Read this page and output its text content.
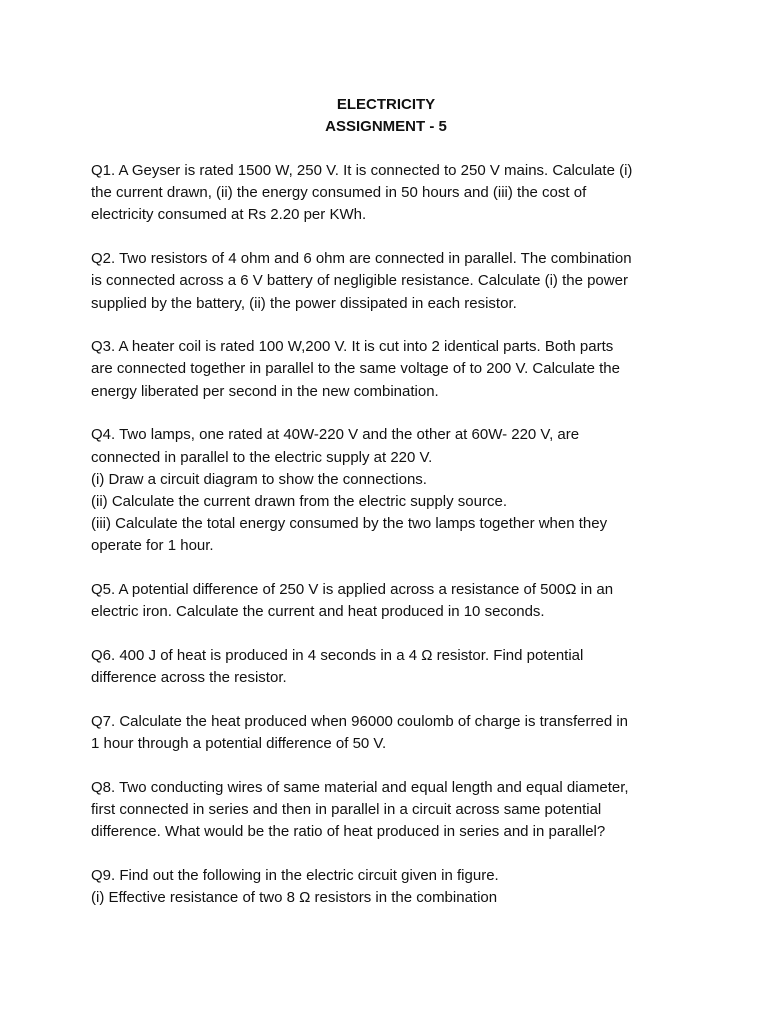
ELECTRICITY
ASSIGNMENT - 5
Q1. A Geyser is rated 1500 W, 250 V. It is connected to 250 V mains. Calculate (i)
the current drawn, (ii) the energy consumed in 50 hours and (iii) the cost of
electricity consumed at Rs 2.20 per KWh.
Q2. Two resistors of 4 ohm and 6 ohm are connected in parallel. The combination
is connected across a 6 V battery of negligible resistance. Calculate (i) the power
supplied by the battery, (ii) the power dissipated in each resistor.
Q3. A heater coil is rated 100 W,200 V. It is cut into 2 identical parts. Both parts
are connected together in parallel to the same voltage of to 200 V. Calculate the
energy liberated per second in the new combination.
Q4. Two lamps, one rated at 40W-220 V and the other at 60W- 220 V, are
connected in parallel to the electric supply at 220 V.
(i) Draw a circuit diagram to show the connections.
(ii) Calculate the current drawn from the electric supply source.
(iii) Calculate the total energy consumed by the two lamps together when they
operate for 1 hour.
Q5. A potential difference of 250 V is applied across a resistance of 500Ω in an
electric iron. Calculate the current and heat produced in 10 seconds.
Q6. 400 J of heat is produced in 4 seconds in a 4 Ω resistor. Find potential
difference across the resistor.
Q7. Calculate the heat produced when 96000 coulomb of charge is transferred in
1 hour through a potential difference of 50 V.
Q8. Two conducting wires of same material and equal length and equal diameter,
first connected in series and then in parallel in a circuit across same potential
difference. What would be the ratio of heat produced in series and in parallel?
Q9. Find out the following in the electric circuit given in figure.
(i) Effective resistance of two 8 Ω resistors in the combination
